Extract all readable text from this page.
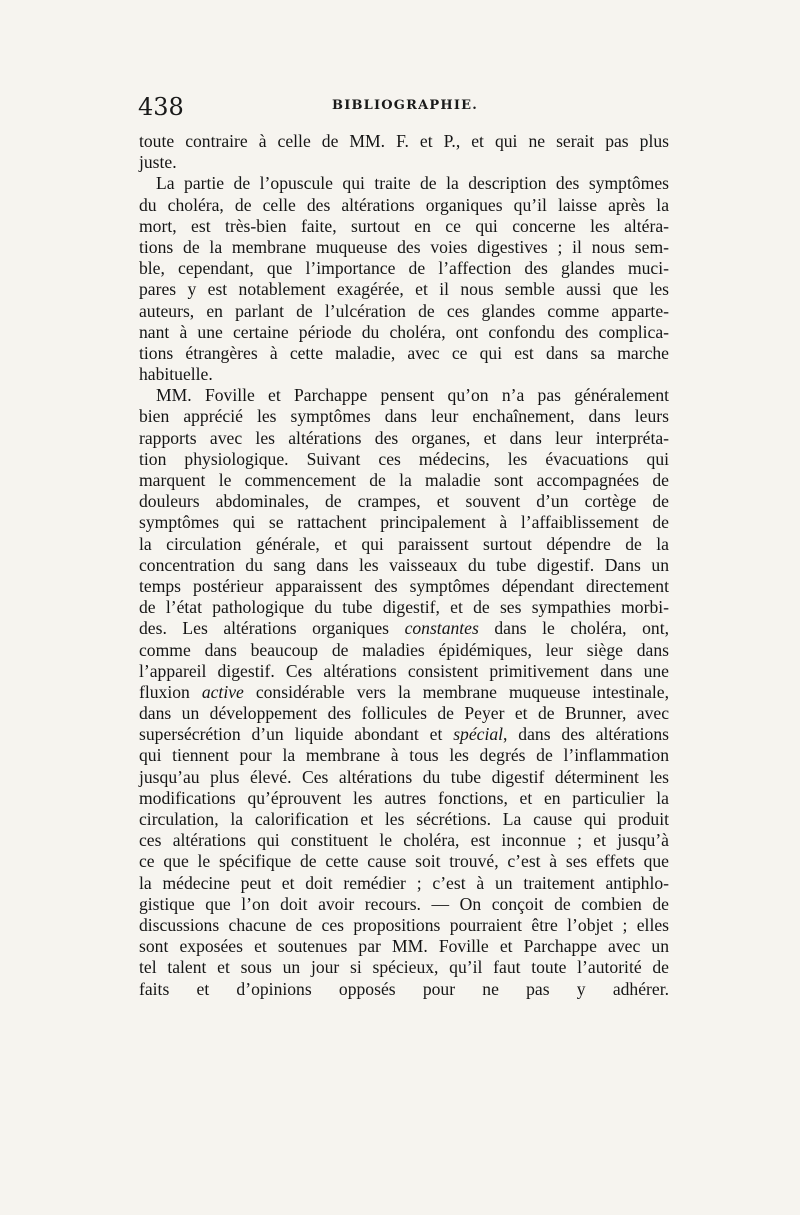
438	BIBLIOGRAPHIE.
toute contraire à celle de MM. F. et P., et qui ne serait pas plus
juste.
La partie de l’opuscule qui traite de la description des symptômes
du choléra, de celle des altérations organiques qu’il laisse après la
mort, est très-bien faite, surtout en ce qui concerne les altéra-
tions de la membrane muqueuse des voies digestives ; il nous sem-
ble, cependant, que l’importance de l’affection des glandes muci-
pares y est notablement exagérée, et il nous semble aussi que les
auteurs, en parlant de l’ulcération de ces glandes comme apparte-
nant à une certaine période du choléra, ont confondu des complica-
tions étrangères à cette maladie, avec ce qui est dans sa marche
habituelle.
MM. Foville et Parchappe pensent qu’on n’a pas généralement
bien apprécié les symptômes dans leur enchaînement, dans leurs
rapports avec les altérations des organes, et dans leur interpréta-
tion physiologique. Suivant ces médecins, les évacuations qui
marquent le commencement de la maladie sont accompagnées de
douleurs abdominales, de crampes, et souvent d’un cortège de
symptômes qui se rattachent principalement à l’affaiblissement de
la circulation générale, et qui paraissent surtout dépendre de la
concentration du sang dans les vaisseaux du tube digestif. Dans un
temps postérieur apparaissent des symptômes dépendant directement
de l’état pathologique du tube digestif, et de ses sympathies morbi-
des. Les altérations organiques constantes dans le choléra, ont,
comme dans beaucoup de maladies épidémiques, leur siège dans
l’appareil digestif. Ces altérations consistent primitivement dans une
fluxion active considérable vers la membrane muqueuse intestinale,
dans un développement des follicules de Peyer et de Brunner, avec
supersécrétion d’un liquide abondant et spécial, dans des altérations
qui tiennent pour la membrane à tous les degrés de l’inflammation
jusqu’au plus élevé. Ces altérations du tube digestif déterminent les
modifications qu’éprouvent les autres fonctions, et en particulier la
circulation, la calorification et les sécrétions. La cause qui produit
ces altérations qui constituent le choléra, est inconnue ; et jusqu’à
ce que le spécifique de cette cause soit trouvé, c’est à ses effets que
la médecine peut et doit remédier ; c’est à un traitement antiphlo-
gistique que l’on doit avoir recours. — On conçoit de combien de
discussions chacune de ces propositions pourraient être l’objet ; elles
sont exposées et soutenues par MM. Foville et Parchappe avec un
tel talent et sous un jour si spécieux, qu’il faut toute l’autorité de
faits et d’opinions opposés pour ne pas y adhérer.
